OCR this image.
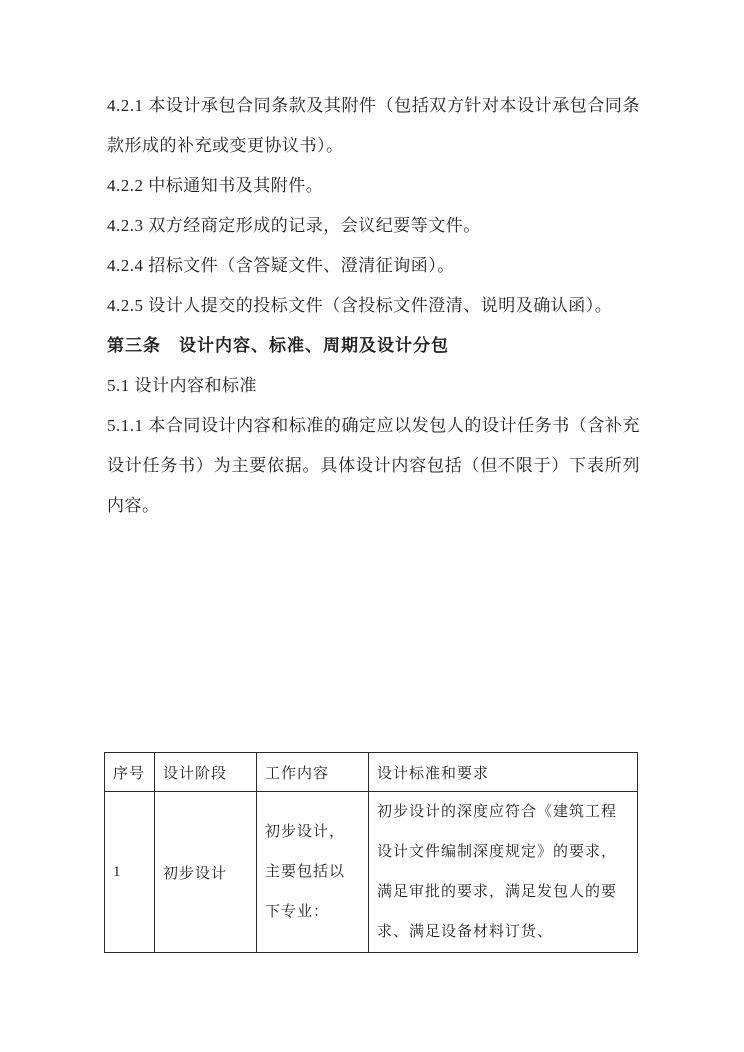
4.2.1 本设计承包合同条款及其附件（包括双方针对本设计承包合同条款形成的补充或变更协议书）。

4.2.2 中标通知书及其附件。

4.2.3 双方经商定形成的记录，会议纪要等文件。

4.2.4 招标文件（含答疑文件、澄清征询函）。

4.2.5 设计人提交的投标文件（含投标文件澄清、说明及确认函）。

第三条　设计内容、标准、周期及设计分包

5.1 设计内容和标准

5.1.1 本合同设计内容和标准的确定应以发包人的设计任务书（含补充设计任务书）为主要依据。具体设计内容包括（但不限于）下表所列内容。

序号	设计阶段	工作内容	设计标准和要求
1	初步设计	初步设计，主要包括以下专业：	初步设计的深度应符合《建筑工程设计文件编制深度规定》的要求，满足审批的要求，满足发包人的要求、满足设备材料订货、
